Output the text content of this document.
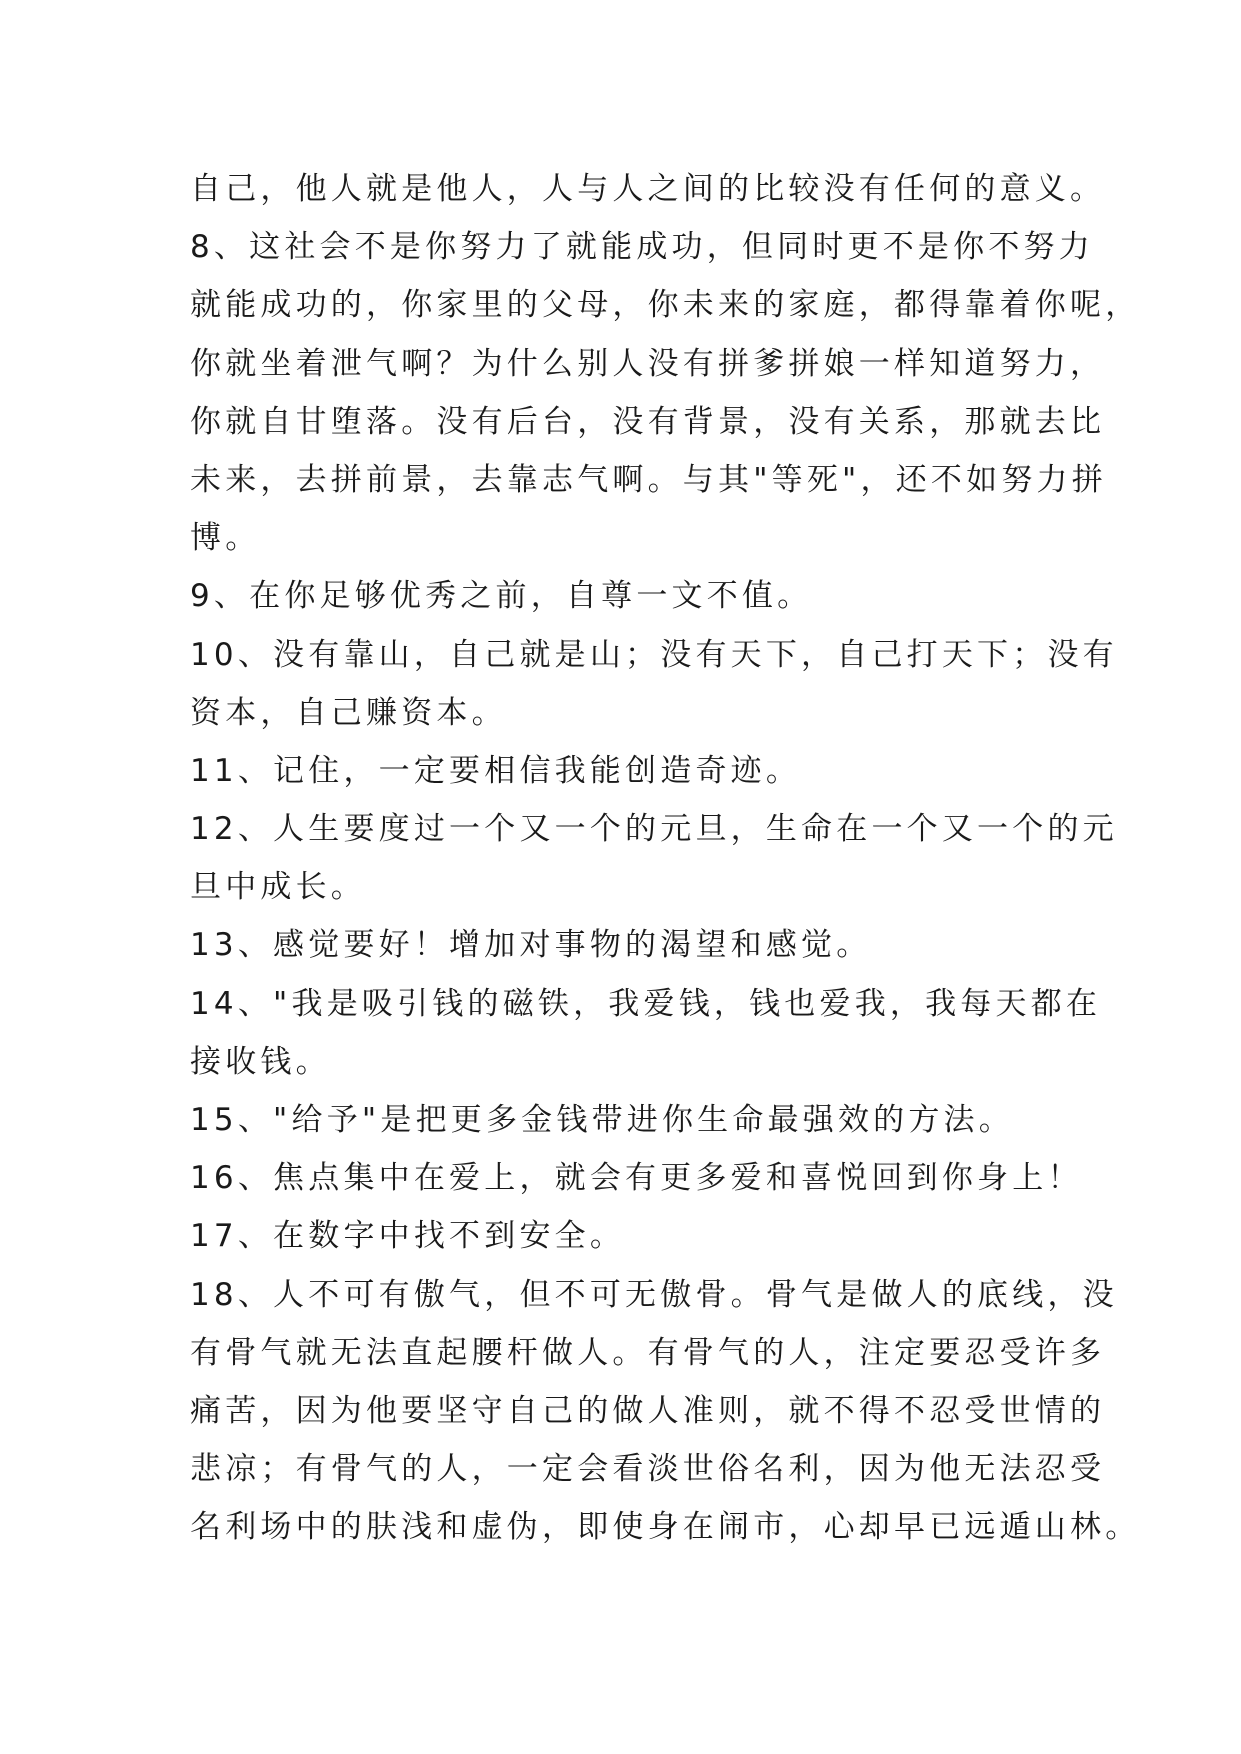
自己，他人就是他人，人与人之间的比较没有任何的意义。
8、这社会不是你努力了就能成功，但同时更不是你不努力
就能成功的，你家里的父母，你未来的家庭，都得靠着你呢，
你就坐着泄气啊？为什么别人没有拼爹拼娘一样知道努力，
你就自甘堕落。没有后台，没有背景，没有关系，那就去比
未来，去拼前景，去靠志气啊。与其"等死"，还不如努力拼
博。
9、在你足够优秀之前，自尊一文不值。
10、没有靠山，自己就是山；没有天下，自己打天下；没有
资本，自己赚资本。
11、记住，一定要相信我能创造奇迹。
12、人生要度过一个又一个的元旦，生命在一个又一个的元
旦中成长。
13、感觉要好！增加对事物的渴望和感觉。
14、"我是吸引钱的磁铁，我爱钱，钱也爱我，我每天都在
接收钱。
15、"给予"是把更多金钱带进你生命最强效的方法。
16、焦点集中在爱上，就会有更多爱和喜悦回到你身上！
17、在数字中找不到安全。
18、人不可有傲气，但不可无傲骨。骨气是做人的底线，没
有骨气就无法直起腰杆做人。有骨气的人，注定要忍受许多
痛苦，因为他要坚守自己的做人准则，就不得不忍受世情的
悲凉；有骨气的人，一定会看淡世俗名利，因为他无法忍受
名利场中的肤浅和虚伪，即使身在闹市，心却早已远遁山林。
